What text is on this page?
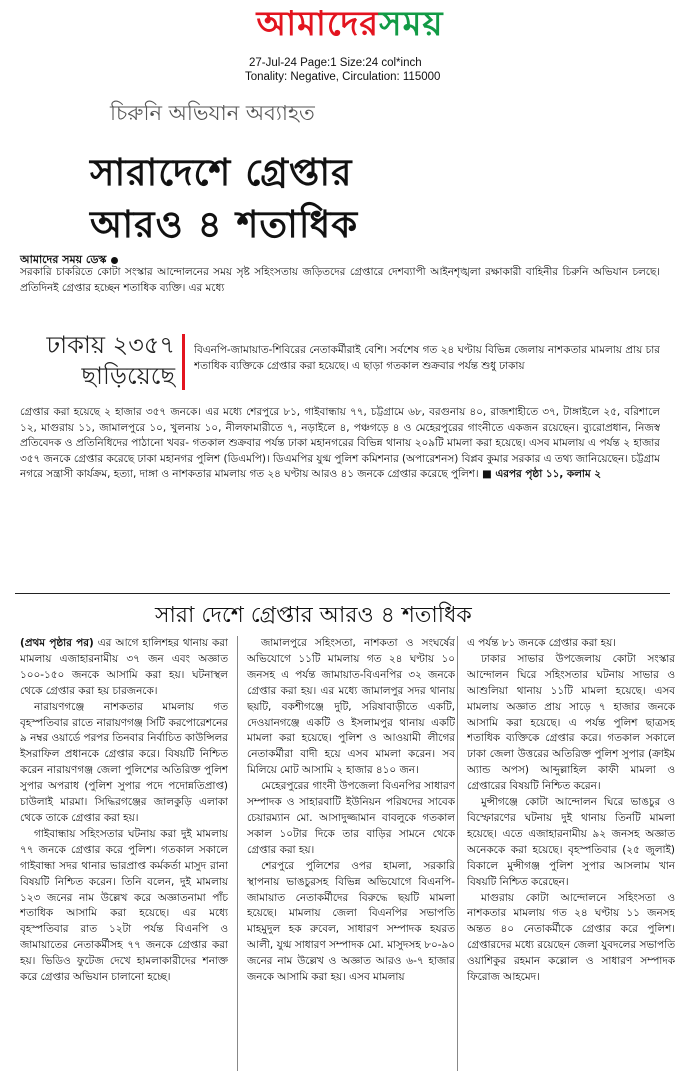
আমাদেরসময়
27-Jul-24 Page:1 Size:24 col*inch
Tonality: Negative, Circulation: 115000
চিরুনি অভিযান অব্যাহত
সারাদেশে গ্রেপ্তার
আরও ৪ শতাধিক
আমাদের সময় ডেস্ক
সরকারি চাকরিতে কোটা সংস্কার আন্দোলনের সময় সৃষ্ট সহিংসতায় জড়িতদের গ্রেপ্তারে দেশব্যাপী আইনশৃঙ্খলা রক্ষাকারী বাহিনীর চিরুনি অভিযান চলছে। প্রতিদিনই গ্রেপ্তার হচ্ছেন শতাধিক ব্যক্তি। এর মধ্যে
ঢাকায় ২৩৫৭
ছাড়িয়েছে
বিএনপি-জামায়াত-শিবিরের নেতাকর্মীরাই বেশি। সর্বশেষ গত ২৪ ঘণ্টায় বিভিন্ন জেলায় নাশকতার মামলায় প্রায় চার শতাধিক ব্যক্তিকে গ্রেপ্তার করা হয়েছে। এ ছাড়া গতকাল শুক্রবার পর্যন্ত শুধু ঢাকায়
গ্রেপ্তার করা হয়েছে ২ হাজার ৩৫৭ জনকে। এর মধ্যে শেরপুরে ৮১, গাইবান্ধায় ৭৭, চট্টগ্রামে ৬৮, বরগুনায় ৪০, রাজশাহীতে ৩৭, টাঙ্গাইলে ২৫, বরিশালে ১২, মাগুরায় ১১, জামালপুরে ১০, খুলনায় ১০, নীলফামারীতে ৭, নড়াইলে ৪, পঞ্চগড়ে ৪ ও মেহেরপুরের গাংনীতে একজন রয়েছেন। ব্যুরোপ্রধান, নিজস্ব প্রতিবেদক ও প্রতিনিধিদের পাঠানো খবর- গতকাল শুক্রবার পর্যন্ত ঢাকা মহানগরের বিভিন্ন থানায় ২০৯টি মামলা করা হয়েছে। এসব মামলায় এ পর্যন্ত ২ হাজার ৩৫৭ জনকে গ্রেপ্তার করেছে ঢাকা মহানগর পুলিশ (ডিএমপি)। ডিএমপির যুগ্ম পুলিশ কমিশনার (অপারেশনস) বিপ্লব কুমার সরকার এ তথ্য জানিয়েছেন। চট্টগ্রাম নগরে সন্ত্রাসী কার্যক্রম, হত্যা, দাঙ্গা ও নাশকতার মামলায় গত ২৪ ঘণ্টায় আরও ৪১ জনকে গ্রেপ্তার করেছে পুলিশ। ■ এরপর পৃষ্ঠা ১১, কলাম ২
সারা দেশে গ্রেপ্তার আরও ৪ শতাধিক

(প্রথম পৃষ্ঠার পর) এর আগে হালিশহর থানায় করা মামলায় এজাহারনামীয় ৩৭ জন এবং অজ্ঞাত ১০০-১৫০ জনকে আসামি করা হয়। ঘটনাস্থল থেকে গ্রেপ্তার করা হয় চারজনকে।

নারায়ণগঞ্জে নাশকতার মামলায় গত বৃহস্পতিবার রাতে নারায়ণগঞ্জ সিটি করপোরেশনের ৯ নম্বর ওয়ার্ডে পরপর তিনবার নির্বাচিত কাউন্সিলর ইসরাফিল প্রধানকে গ্রেপ্তার করে। বিষয়টি নিশ্চিত করেন নারায়ণগঞ্জ জেলা পুলিশের অতিরিক্ত পুলিশ সুপার অপরাধ (পুলিশ সুপার পদে পদোন্নতিপ্রাপ্ত) চাউলাই মারমা। সিদ্ধিরগঞ্জের জালকুড়ি এলাকা থেকে তাকে গ্রেপ্তার করা হয়।

গাইবান্ধায় সহিংসতার ঘটনায় করা দুই মামলায় ৭৭ জনকে গ্রেপ্তার করে পুলিশ। গতকাল সকালে গাইবান্ধা সদর থানার ভারপ্রাপ্ত কর্মকর্তা মাসুদ রানা বিষয়টি নিশ্চিত করেন। তিনি বলেন, দুই মামলায় ১২৩ জনের নাম উল্লেখ করে অজ্ঞাতনামা পাঁচ শতাধিক আসামি করা হয়েছে। এর মধ্যে বৃহস্পতিবার রাত ১২টা পর্যন্ত বিএনপি ও জামায়াতের নেতাকর্মীসহ ৭৭ জনকে গ্রেপ্তার করা হয়। ভিডিও ফুটেজ দেখে হামলাকারীদের শনাক্ত করে গ্রেপ্তার অভিযান চালানো হচ্ছে।

জামালপুরে সহিংসতা, নাশকতা ও সংঘর্ষের অভিযোগে ১১টি মামলায় গত ২৪ ঘণ্টায় ১০ জনসহ এ পর্যন্ত জামায়াত-বিএনপির ৩২ জনকে গ্রেপ্তার করা হয়। এর মধ্যে জামালপুর সদর থানায় ছয়টি, বকশীগঞ্জে দুটি, সরিষাবাড়ীতে একটি, দেওয়ানগঞ্জে একটি ও ইসলামপুর থানায় একটি মামলা করা হয়েছে। পুলিশ ও আওয়ামী লীগের নেতাকর্মীরা বাদী হয়ে এসব মামলা করেন। সব মিলিয়ে মোট আসামি ২ হাজার ৪১০ জন।

মেহেরপুরের গাংনী উপজেলা বিএনপির সাধারণ সম্পাদক ও সাহারবাটি ইউনিয়ন পরিষদের সাবেক চেয়ারম্যান মো. আসাদুজ্জামান বাবলুকে গতকাল সকাল ১০টার দিকে তার বাড়ির সামনে থেকে গ্রেপ্তার করা হয়।

শেরপুরে পুলিশের ওপর হামলা, সরকারি স্থাপনায় ভাঙচুরসহ বিভিন্ন অভিযোগে বিএনপি-জামায়াত নেতাকর্মীদের বিরুদ্ধে ছয়টি মামলা হয়েছে। মামলায় জেলা বিএনপির সভাপতি মাহমুদুল হক রুবেল, সাধারণ সম্পাদক হযরত আলী, যুগ্ম সাধারণ সম্পাদক মো. মাসুদসহ ৮০-৯০ জনের নাম উল্লেখ ও অজ্ঞাত আরও ৬-৭ হাজার জনকে আসামি করা হয়। এসব মামলায়

এ পর্যন্ত ৮১ জনকে গ্রেপ্তার করা হয়।

ঢাকার সাভার উপজেলায় কোটা সংস্কার আন্দোলন ঘিরে সহিংসতার ঘটনায় সাভার ও আশুলিয়া থানায় ১১টি মামলা হয়েছে। এসব মামলায় অজ্ঞাত প্রায় সাড়ে ৭ হাজার জনকে আসামি করা হয়েছে। এ পর্যন্ত পুলিশ ছাত্রসহ শতাধিক ব্যক্তিকে গ্রেপ্তার করে। গতকাল সকালে ঢাকা জেলা উত্তরের অতিরিক্ত পুলিশ সুপার (ক্রাইম অ্যান্ড অপস) আব্দুল্লাহিল কাফী মামলা ও গ্রেপ্তারের বিষয়টি নিশ্চিত করেন।

মুন্সীগঞ্জে কোটা আন্দোলন ঘিরে ভাঙচুর ও বিস্ফোরণের ঘটনায় দুই থানায় তিনটি মামলা হয়েছে। এতে এজাহারনামীয় ৯২ জনসহ অজ্ঞাত অনেককে করা হয়েছে। বৃহস্পতিবার (২৫ জুলাই) বিকালে মুন্সীগঞ্জ পুলিশ সুপার আসলাম খান বিষয়টি নিশ্চিত করেছেন।

মাগুরায় কোটা আন্দোলনে সহিংসতা ও নাশকতার মামলায় গত ২৪ ঘণ্টায় ১১ জনসহ অন্তত ৪০ নেতাকর্মীকে গ্রেপ্তার করে পুলিশ। গ্রেপ্তারদের মধ্যে রয়েছেন জেলা যুবদলের সভাপতি ওয়াশিকুর রহমান কল্লোল ও সাধারণ সম্পাদক ফিরোজ আহমেদ।
